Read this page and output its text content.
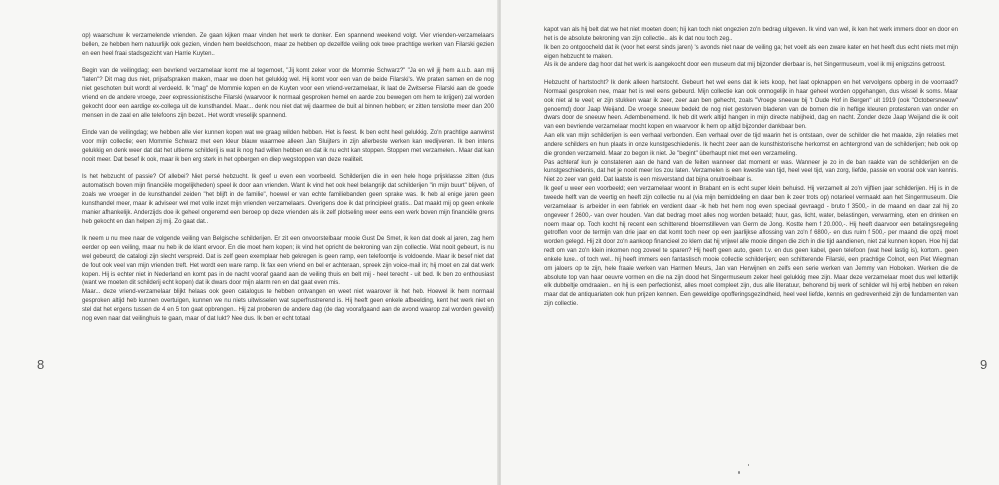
op) waarschuw ik verzamelende vrienden. Ze gaan kijken maar vinden het werk te donker. Een spannend weekend volgt. Vier vrienden-verzamelaars bellen, ze hebben hem natuurlijk ook gezien, vinden hem beeldschoon, maar ze hebben op dezelfde veiling ook twee prachtige werken van Filarski gezien en een heel fraai stadsgezicht van Harrie Kuyten..

Begin van de veilingdag; een bevriend verzamelaar komt me al tegemoet, "Jij komt zeker voor de Mommie Schwarz?" "Ja en wil jij hem a.u.b. aan mij "laten"? Dit mag dus niet, prijsafspraken maken, maar we doen het gelukkig wel. Hij komt voor een van de beide Filarski's. We praten samen en de nog niet geschoten buit wordt al verdeeld. Ik "mag" de Mommie kopen en de Kuyten voor een vriend-verzamelaar, ik laat de Zwitserse Filarski aan de goede vriend en de andere vroege, zeer expressionistische Filarski (waarvoor ik normaal gesproken hemel en aarde zou bewegen om hem te krijgen) zal worden gekocht door een aardige ex-collega uit de kunsthandel. Maar... denk nou niet dat wij daarmee de buit al binnen hebben; er zitten tenslotte meer dan 200 mensen in de zaal en alle telefoons zijn bezet.. Het wordt vreselijk spannend.

Einde van de veilingdag; we hebben alle vier kunnen kopen wat we graag wilden hebben. Het is feest. Ik ben echt heel gelukkig. Zo'n prachtige aanwinst voor mijn collectie; een Mommie Schwarz met een kleur blauw waarmee alleen Jan Sluijters in zijn allerbeste werken kan wedijveren. Ik ben intens gelukkig en denk weer dat dat het ultieme schilderij is wat ik nog had willen hebben en dat ik nu echt kan stoppen. Stoppen met verzamelen.. Maar dat kan nooit meer. Dat besef ik ook, maar ik ben erg sterk in het opbergen en diep wegstoppen van deze realiteit.

Is het hebzucht of passie? Of allebei? Niet persé hebzucht. Ik geef u even een voorbeeld. Schilderijen die in een hele hoge prijsklasse zitten (dus automatisch boven mijn financiële mogelijkheden) speel ik door aan vrienden. Want ik vind het ook heel belangrijk dat schilderijen "in mijn buurt" blijven, of zoals we vroeger in de kunsthandel zeiden "het blijft in de familie", hoewel er van echte familiebanden geen sprake was. Ik heb al enige jaren geen kunsthandel meer, maar ik adviseer wel met volle inzet mijn vrienden verzamelaars. Overigens doe ik dat principieel gratis.. Dat maakt mij op geen enkele manier afhankelijk. Anderzijds doe ik geheel ongeremd een beroep op deze vrienden als ik zelf plotseling weer eens een werk boven mijn financiële grens heb gekocht en dan helpen zij mij. Zo gaat dat..

Ik neem u nu mee naar de volgende veiling van Belgische schilderijen. Er zit een onvoorstelbaar mooie Gust De Smet, ik ken dat doek al jaren, zag hem eerder op een veiling, maar nu heb ik de klant ervoor. En die moet hem kopen; ik vind het opricht de bekroning van zijn collectie. Wat nooit gebeurt, is nu wel gebeurd; de catalogi zijn slecht verspreid. Dat is zelf geen exemplaar heb gekregen is geen ramp, een telefoontje is voldoende. Maar ik besef niet dat de fout ook veel van mijn vrienden treft. Het wordt een ware ramp. Ik fax een vriend en bel er achteraan, spreek zijn voice-mail in; hij moet en zal dat werk kopen. Hij is echter niet in Nederland en komt pas in de nacht vooraf gaand aan de veiling thuis en belt mij - heel terecht - uit bed. Ik ben zo enthousiast (want we moeten dit schilderij echt kopen) dat ik dwars door mijn alarm ren en dat gaat even mis.

Maar... deze vriend-verzamelaar blijkt helaas ook geen catalogus te hebben ontvangen en weet niet waarover ik het heb. Hoewel ik hem normaal gesproken altijd heb kunnen overtuigen, kunnen we nu niets uitwisselen wat superfrustrerend is. Hij heeft geen enkele afbeelding, kent het werk niet en stel dat het ergens tussen de 4 en 5 ton gaat opbrengen.. Hij zal proberen de andere dag (de dag voorafgaand aan de avond waarop zal worden geveild) nog even naar dat veilinghuis te gaan, maar of dat lukt? Nee dus. Ik ben er echt totaal

8

kapot van als hij belt dat we het niet moeten doen; hij kan toch niet ongezien zo'n bedrag uitgeven. Ik vind van wel, ik ken het werk immers door en door en het is de absolute bekroning van zijn collectie.. als ik dat nou toch zeg..

Ik ben zo ontgoocheld dat ik (voor het eerst sinds jaren) 's avonds niet naar de veiling ga; het voelt als een zware kater en het heeft dus echt niets met mijn eigen hebzucht te maken.

Als ik de andere dag hoor dat het werk is aangekocht door een museum dat mij bijzonder dierbaar is, het Singermuseum, voel ik mij enigszins getroost.

Hebzucht of hartstocht? Ik denk alleen hartstocht. Gebeurt het wel eens dat ik iets koop, het laat opknappen en het vervolgens opberg in de voorraad? Normaal gesproken nee, maar het is wel eens gebeurd. Mijn collectie kan ook onmogelijk in haar geheel worden opgehangen, dus wissel ik soms. Maar ook niet al te veel; er zijn stukken waar ik zeer, zeer aan ben gehecht, zoals "Vroege sneeuw bij 't Oude Hof in Bergen" uit 1919 (ook "Octobersneeuw" genoemd) door Jaap Weijand. De vroege sneeuw bedekt de nog niet gestorven bladeren van de bomen die in heftige kleuren protesteren van onder en dwars door de sneeuw heen. Adembenemend. Ik heb dit werk altijd hangen in mijn directe nabijheid, dag en nacht. Zonder deze Jaap Weijand die ik ooit van een bevriende verzamelaar mocht kopen en waarvoor ik hem op altijd bijzonder dankbaar ben.

Aan elk van mijn schilderijen is een verhaal verbonden. Een verhaal over de tijd waarin het is ontstaan, over de schilder die het maakte, zijn relaties met andere schilders en hun plaats in onze kunstgeschiedenis. Ik hecht zeer aan de kunsthistorische herkomst en achtergrond van de schilderijen; heb ook op die gronden verzameld. Maar zo begon ik niet. Je "begint" überhaupt niet met een verzameling.

Pas achteraf kun je constateren aan de hand van de feiten wanneer dat moment er was. Wanneer je zo in de ban raakte van de schilderijen en de kunstgeschiedenis, dat het je nooit meer los zou laten. Verzamelen is een kwestie van tijd, heel veel tijd, van zorg, liefde, passie en vooral ook van kennis. Niet zo zeer van geld. Dat laatste is een misverstand dat bijna onuitroeibaar is.

Ik geef u weer een voorbeeld; een verzamelaar woont in Brabant en is echt super klein behuisd. Hij verzamelt al zo'n vijftien jaar schilderijen. Hij is in de tweede helft van de veertig en heeft zijn collectie nu al (via mijn bemiddeling en daar ben ik zeer trots op) notarieel vermaakt aan het Singermuseum. Die verzamelaar is arbeider in een fabriek en verdient daar -ik heb het hem nog even speciaal gevraagd - bruto f 3500,- in de maand en daar zal hij zo ongeveer f 2600,- van over houden. Van dat bedrag moet alles nog worden betaald; huur, gas, licht, water, belastingen, verwarming, eten en drinken en noem maar op. Toch kocht hij recent een schitterend bloemstilleven van Germ de Jong. Kostte hem f 20.000,-. Hij heeft daarvoor een betalingsregeling getroffen voor de termijn van drie jaar en dat komt toch neer op een jaarlijkse aflossing van zo'n f 6800,- en dus ruim f 500,- per maand die opzij moet worden gelegd. Hij zit door zo'n aankoop financieel zo klem dat hij vrijwel alle mooie dingen die zich in die tijd aandienen, niet zal kunnen kopen. Hoe hij dat redt om van zo'n klein inkomen nog zoveel te sparen? Hij heeft geen auto, geen t.v. en dus geen kabel, geen telefoon (wat heel lastig is), kortom.. geen enkele luxe.. of toch wel.. hij heeft immers een fantastisch mooie collectie schilderijen; een schitterende Filarski, een prachtige Colnot, een Piet Wiegman om jaloers op te zijn, hele fraaie werken van Harmen Meurs, Jan van Herwijnen en zelfs een serie werken van Jemmy van Hoboken. Werken die de absolute top van haar oeuvre vormen en die na zijn dood het Singermuseum zeker heel gelukkig mee zijn. Maar deze verzamelaar moet dus wel letterlijk elk dubbeltje omdraaien.. en hij is een perfectionist, alles moet compleet zijn, dus alle literatuur, behorend bij werk of schilder wil hij erbij hebben en reken maar dat de antiquariaten ook hun prijzen kennen. Een geweldige opofferingsgezindheid, heel veel liefde, kennis en gedrevenheid zijn de fundamenten van zijn collectie.

9
